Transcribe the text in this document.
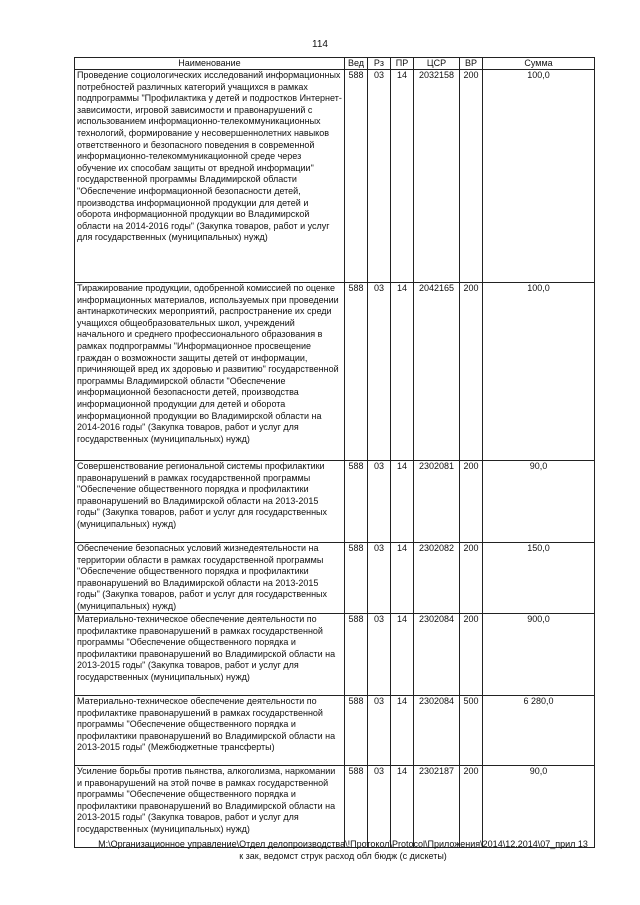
114
Наименование	Вед	Рз	ПР	ЦСР	ВР	Сумма
Проведение социологических исследований информационных потребностей различных категорий учащихся в рамках подпрограммы "Профилактика у детей и подростков Интернет-зависимости, игровой зависимости и правонарушений с использованием информационно-телекоммуникационных технологий, формирование у несовершеннолетних навыков ответственного и безопасного поведения в современной информационно-телекоммуникационной среде через обучение их способам защиты от вредной информации" государственной программы Владимирской области "Обеспечение информационной безопасности детей, производства информационной продукции для детей и оборота информационной продукции во Владимирской области на 2014-2016 годы" (Закупка товаров, работ и услуг для государственных (муниципальных) нужд)	588	03	14	2032158	200	100,0
Тиражирование продукции, одобренной комиссией по оценке информационных материалов, используемых при проведении антинаркотических мероприятий, распространение их среди учащихся общеобразовательных школ, учреждений начального и среднего профессионального образования в рамках подпрограммы "Информационное просвещение граждан о возможности защиты детей от информации, причиняющей вред их здоровью и развитию" государственной программы Владимирской области "Обеспечение информационной безопасности детей, производства информационной продукции для детей и оборота информационной продукции во Владимирской области на 2014-2016 годы" (Закупка товаров, работ и услуг для государственных (муниципальных) нужд)	588	03	14	2042165	200	100,0
Совершенствование региональной системы профилактики правонарушений в рамках государственной программы "Обеспечение общественного порядка и профилактики правонарушений во Владимирской области на 2013-2015 годы" (Закупка товаров, работ и услуг для государственных (муниципальных) нужд)	588	03	14	2302081	200	90,0
Обеспечение безопасных условий жизнедеятельности на территории области в рамках государственной программы "Обеспечение общественного порядка и профилактики правонарушений во Владимирской области на 2013-2015 годы" (Закупка товаров, работ и услуг для государственных (муниципальных) нужд)	588	03	14	2302082	200	150,0
Материально-техническое обеспечение деятельности по профилактике правонарушений в рамках государственной программы "Обеспечение общественного порядка и профилактики правонарушений во Владимирской области на 2013-2015 годы" (Закупка товаров, работ и услуг для государственных (муниципальных) нужд)	588	03	14	2302084	200	900,0
Материально-техническое обеспечение деятельности по профилактике правонарушений в рамках государственной программы "Обеспечение общественного порядка и профилактики правонарушений во Владимирской области на 2013-2015 годы" (Межбюджетные трансферты)	588	03	14	2302084	500	6 280,0
Усиление борьбы против пьянства, алкоголизма, наркомании и правонарушений на этой почве в рамках государственной программы "Обеспечение общественного порядка и профилактики правонарушений во Владимирской области на 2013-2015 годы" (Закупка товаров, работ и услуг для государственных (муниципальных) нужд)	588	03	14	2302187	200	90,0
M:\Организационное управление\Отдел делопроизводства\!Протокол\Protocol\Приложения\2014\12.2014\07_прил 13
к зак, ведомст струк расход обл бюдж (с дискеты)
